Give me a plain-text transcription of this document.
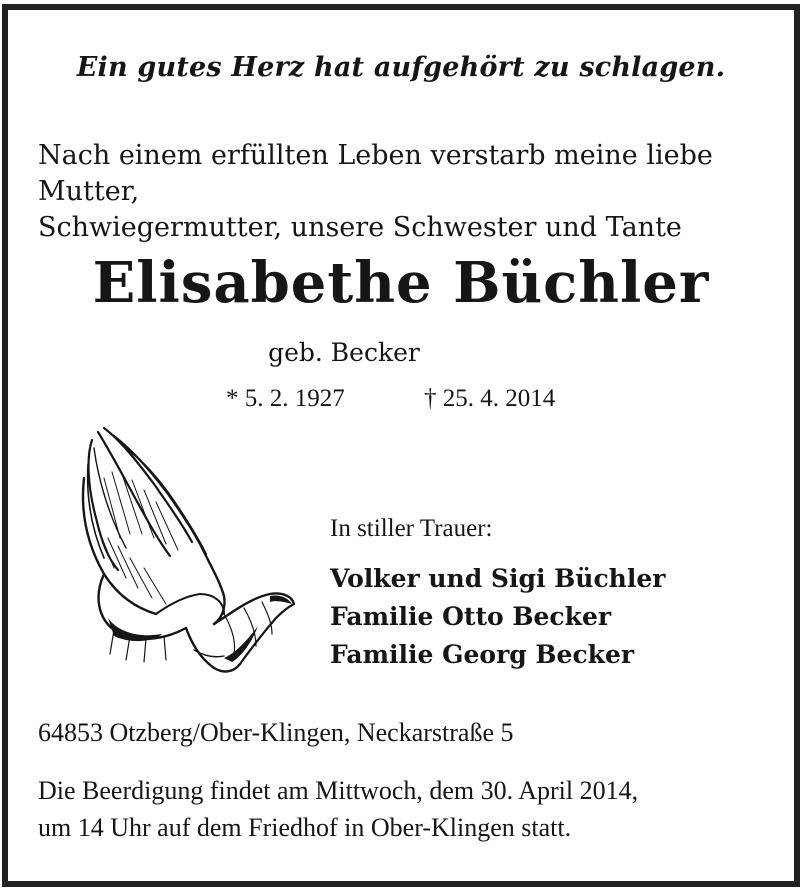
Ein gutes Herz hat aufgehört zu schlagen.
Nach einem erfüllten Leben verstarb meine liebe Mutter,
Schwiegermutter, unsere Schwester und Tante
Elisabethe Büchler
geb. Becker
* 5. 2. 1927	† 25. 4. 2014
In stiller Trauer:
Volker und Sigi Büchler
Familie Otto Becker
Familie Georg Becker
64853 Otzberg/Ober-Klingen, Neckarstraße 5
Die Beerdigung findet am Mittwoch, dem 30. April 2014,
um 14 Uhr auf dem Friedhof in Ober-Klingen statt.
